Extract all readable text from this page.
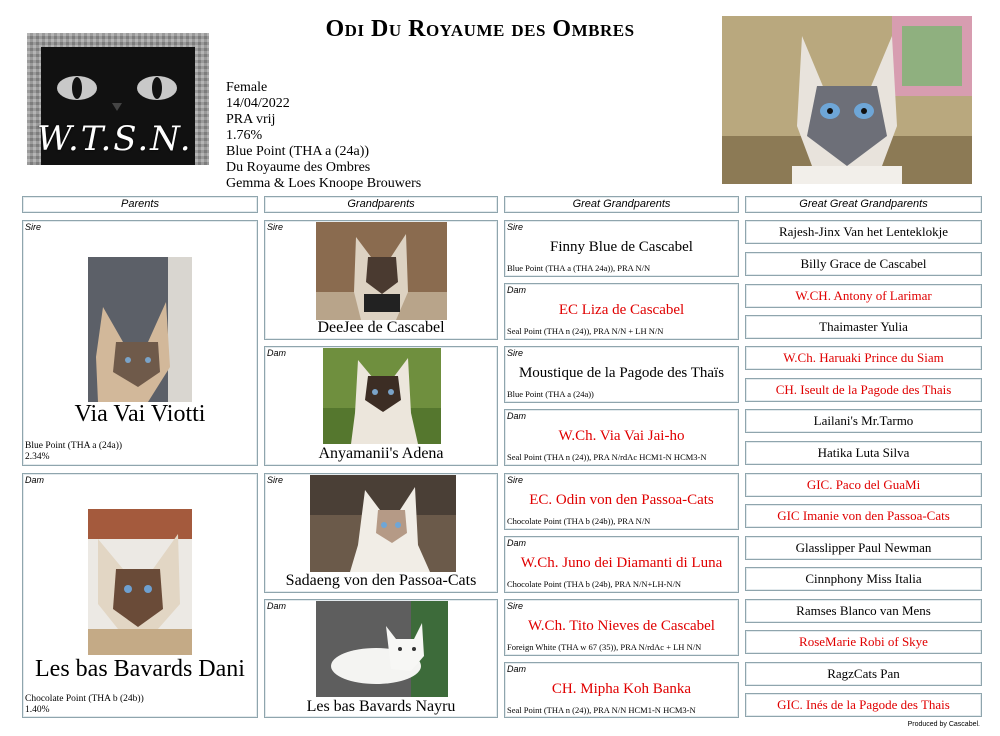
W.T.S.N.
Odi Du Royaume des Ombres
Female
14/04/2022
PRA vrij
1.76%
Blue Point (THA a (24a))
Du Royaume des Ombres
Gemma & Loes Knoope Brouwers
Parents	Grandparents	Great Grandparents	Great Great Grandparents
Sire
Via Vai Viotti
Blue Point (THA a (24a))
2.34%
Dam
Les bas Bavards Dani
Chocolate Point (THA b (24b))
1.40%
Sire
DeeJee de Cascabel
Dam
Anyamanii's Adena
Sire
Sadaeng von den Passoa-Cats
Dam
Les bas Bavards Nayru
Sire
Finny Blue de Cascabel
Blue Point (THA a (THA 24a)), PRA N/N
Dam
EC Liza de Cascabel
Seal Point (THA n (24)), PRA N/N + LH N/N
Sire
Moustique de la Pagode des Thaïs
Blue Point (THA a (24a))
Dam
W.Ch. Via Vai Jai-ho
Seal Point (THA n (24)), PRA N/rdAc HCM1-N HCM3-N
Sire
EC. Odin von den Passoa-Cats
Chocolate Point (THA b (24b)), PRA N/N
Dam
W.Ch. Juno dei Diamanti di Luna
Chocolate Point (THA b (24b), PRA N/N+LH-N/N
Sire
W.Ch. Tito Nieves de Cascabel
Foreign White (THA w 67 (35)), PRA N/rdAc + LH N/N
Dam
CH. Mipha Koh Banka
Seal Point (THA n (24)), PRA N/N HCM1-N HCM3-N
Rajesh-Jinx Van het Lenteklokje
Billy Grace de Cascabel
W.CH. Antony of Larimar
Thaimaster Yulia
W.Ch. Haruaki Prince du Siam
CH. Iseult de la Pagode des Thais
Lailani's Mr.Tarmo
Hatika Luta Silva
GIC. Paco del GuaMi
GIC Imanie von den Passoa-Cats
Glasslipper Paul Newman
Cinnphony Miss Italia
Ramses Blanco van Mens
RoseMarie Robi of Skye
RagzCats Pan
GIC. Inés de la Pagode des Thais
Produced by Cascabel.
